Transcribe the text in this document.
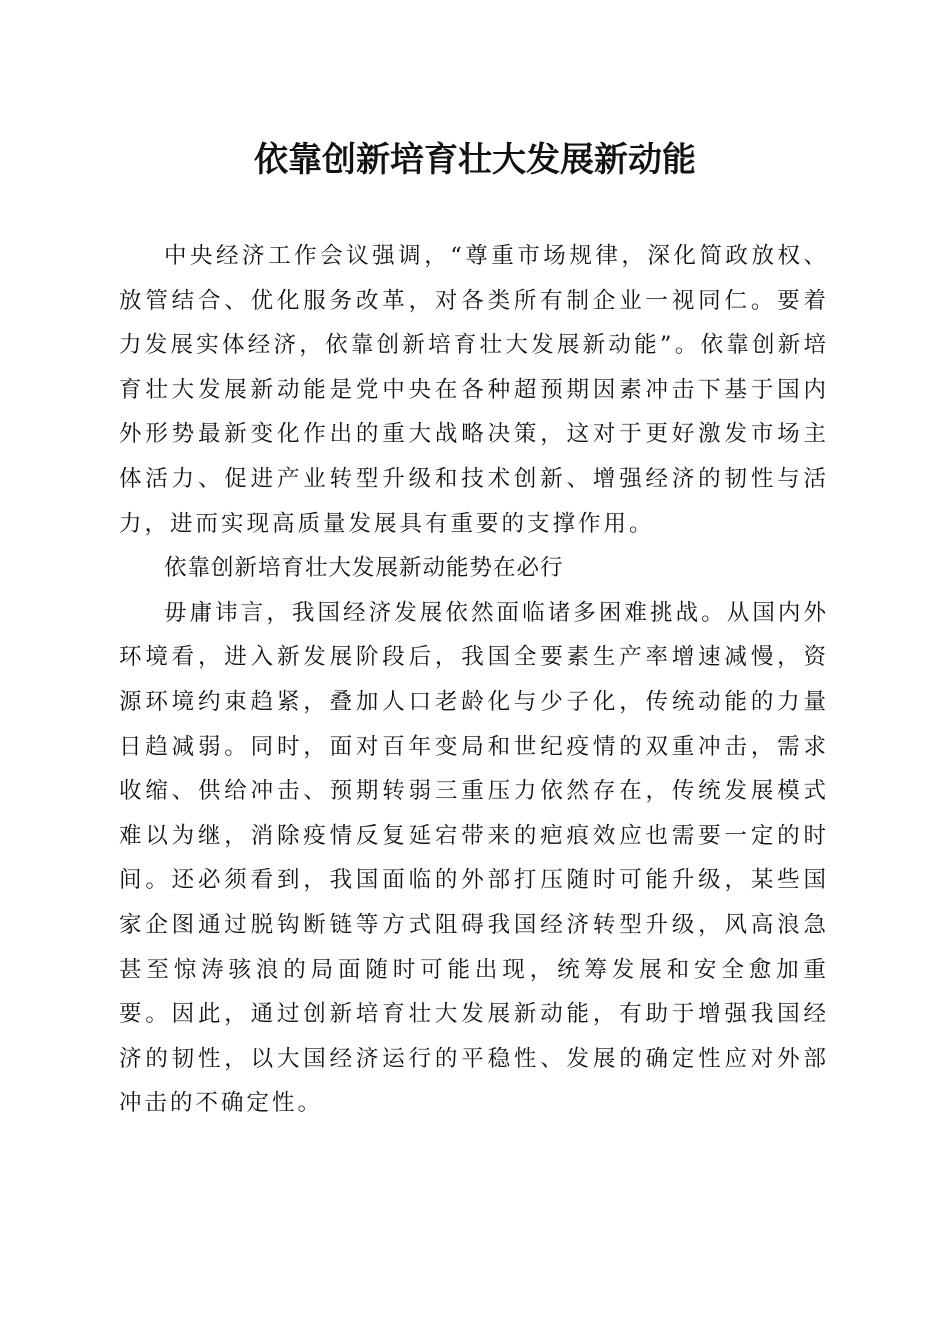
依靠创新培育壮大发展新动能

中央经济工作会议强调，“尊重市场规律，深化简政放权、放管结合、优化服务改革，对各类所有制企业一视同仁。要着力发展实体经济，依靠创新培育壮大发展新动能”。依靠创新培育壮大发展新动能是党中央在各种超预期因素冲击下基于国内外形势最新变化作出的重大战略决策，这对于更好激发市场主体活力、促进产业转型升级和技术创新、增强经济的韧性与活力，进而实现高质量发展具有重要的支撑作用。

依靠创新培育壮大发展新动能势在必行

毋庸讳言，我国经济发展依然面临诸多困难挑战。从国内外环境看，进入新发展阶段后，我国全要素生产率增速减慢，资源环境约束趋紧，叠加人口老龄化与少子化，传统动能的力量日趋减弱。同时，面对百年变局和世纪疫情的双重冲击，需求收缩、供给冲击、预期转弱三重压力依然存在，传统发展模式难以为继，消除疫情反复延宕带来的疤痕效应也需要一定的时间。还必须看到，我国面临的外部打压随时可能升级，某些国家企图通过脱钩断链等方式阻碍我国经济转型升级，风高浪急甚至惊涛骇浪的局面随时可能出现，统筹发展和安全愈加重要。因此，通过创新培育壮大发展新动能，有助于增强我国经济的韧性，以大国经济运行的平稳性、发展的确定性应对外部冲击的不确定性。
